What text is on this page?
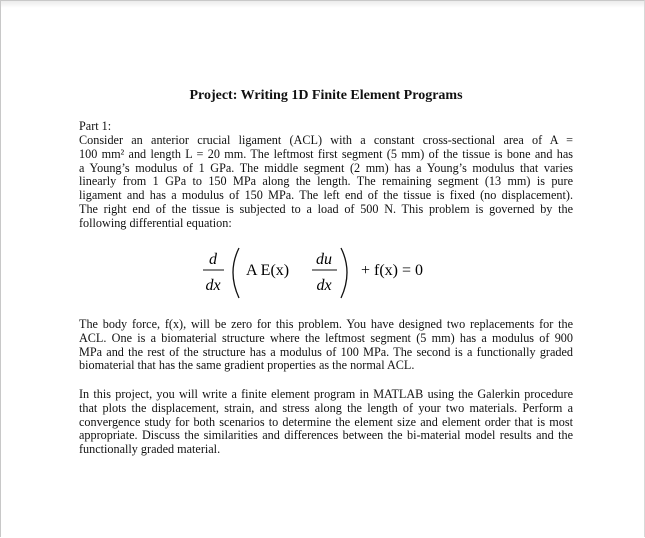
Project: Writing 1D Finite Element Programs
Part 1:
Consider an anterior crucial ligament (ACL) with a constant cross-sectional area of A =
100 mm² and length L = 20 mm. The leftmost first segment (5 mm) of the tissue is bone and has
a Young’s modulus of 1 GPa. The middle segment (2 mm) has a Young’s modulus that varies
linearly from 1 GPa to 150 MPa along the length. The remaining segment (13 mm) is pure
ligament and has a modulus of 150 MPa. The left end of the tissue is fixed (no displacement).
The right end of the tissue is subjected to a load of 500 N. This problem is governed by the
following differential equation:
d
dx
A E(x)
du
dx
+ f(x) = 0
The body force, f(x), will be zero for this problem. You have designed two replacements for the
ACL. One is a biomaterial structure where the leftmost segment (5 mm) has a modulus of 900
MPa and the rest of the structure has a modulus of 100 MPa. The second is a functionally graded
biomaterial that has the same gradient properties as the normal ACL.
In this project, you will write a finite element program in MATLAB using the Galerkin procedure
that plots the displacement, strain, and stress along the length of your two materials. Perform a
convergence study for both scenarios to determine the element size and element order that is most
appropriate. Discuss the similarities and differences between the bi-material model results and the
functionally graded material.
